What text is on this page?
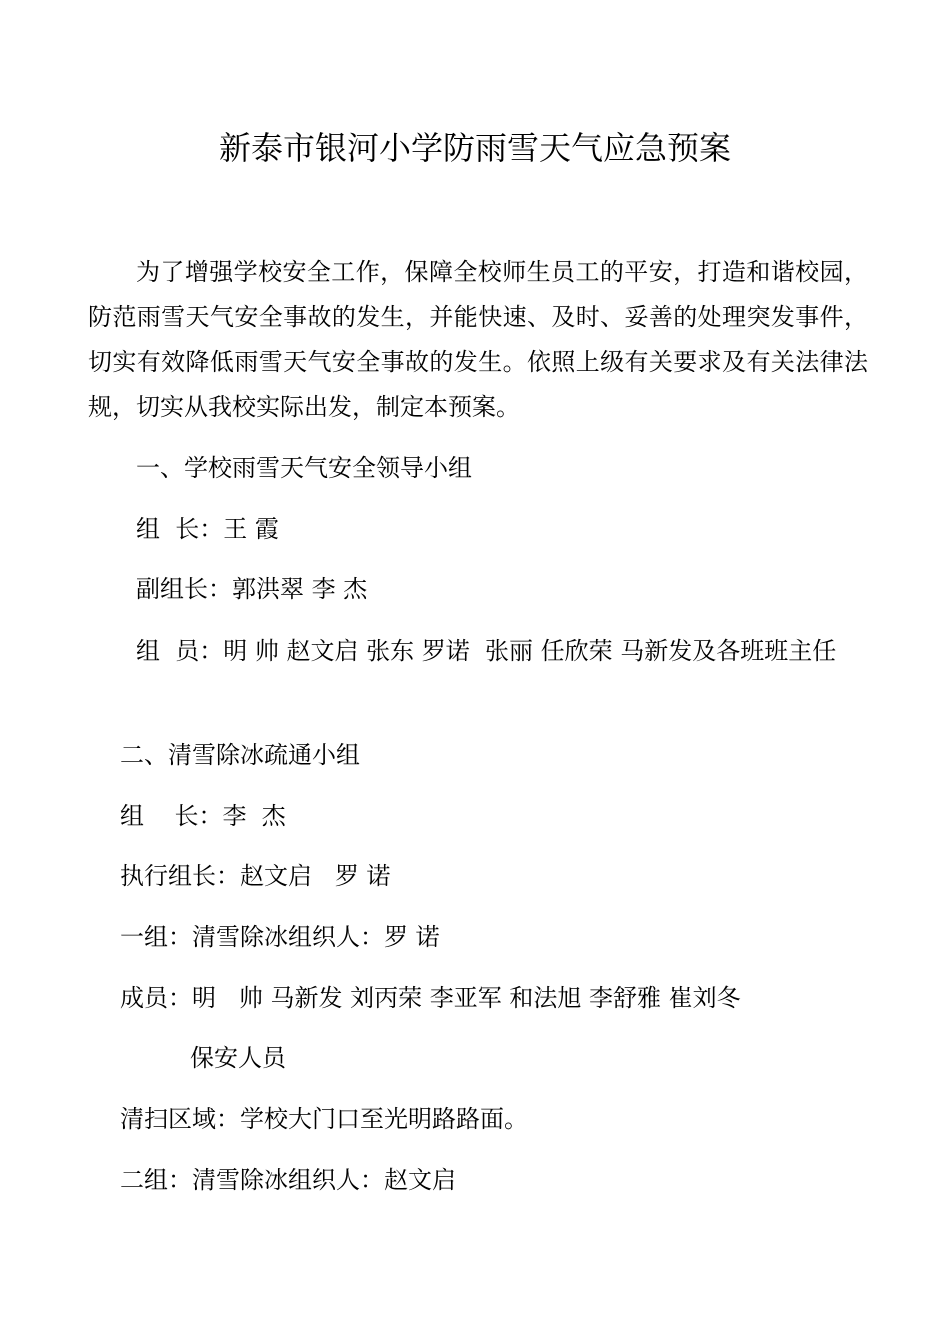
新泰市银河小学防雨雪天气应急预案

为了增强学校安全工作，保障全校师生员工的平安，打造和谐校园，防范雨雪天气安全事故的发生，并能快速、及时、妥善的处理突发事件，切实有效降低雨雪天气安全事故的发生。依照上级有关要求及有关法律法规，切实从我校实际出发，制定本预案。

一、学校雨雪天气安全领导小组

组  长：王 霞

副组长：郭洪翠 李 杰

组  员：明 帅 赵文启 张东 罗诺  张丽 任欣荣 马新发及各班班主任

二、清雪除冰疏通小组

组    长：李  杰

执行组长：赵文启   罗 诺

一组：清雪除冰组织人：罗 诺

成员：明   帅 马新发 刘丙荣 李亚军 和法旭 李舒雅 崔刘冬

保安人员

清扫区域：学校大门口至光明路路面。

二组：清雪除冰组织人：赵文启
